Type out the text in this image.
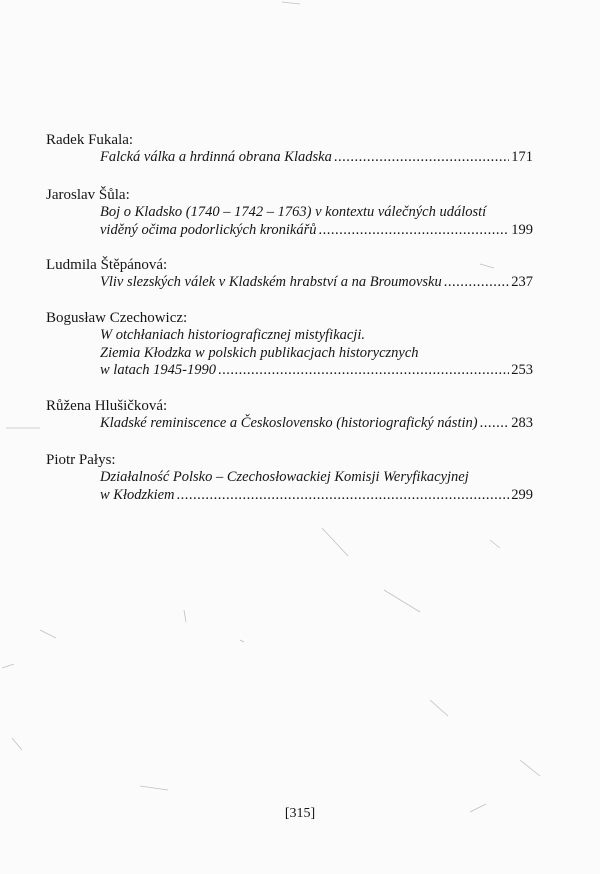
Radek Fukala:
Falcká válka a hrdinná obrana Kladska .....	171
Jaroslav Šůla:
Boj o Kladsko (1740 – 1742 – 1763) v kontextu válečných událostí
viděný očima podorlických kronikářů .....	199
Ludmila Štěpánová:
Vliv slezských válek v Kladském hrabství a na Broumovsku .....	237
Bogusław Czechowicz:
W otchłaniach historiograficznej mistyfikacji.
Ziemia Kłodzka w polskich publikacjach historycznych
w latach 1945-1990 .....	253
Růžena Hlušičková:
Kladské reminiscence a Československo (historiografický nástin) ..... 283
Piotr Pałys:
Działalność Polsko – Czechosłowackiej Komisji Weryfikacyjnej
w Kłodzkiem .....	299
[315]
